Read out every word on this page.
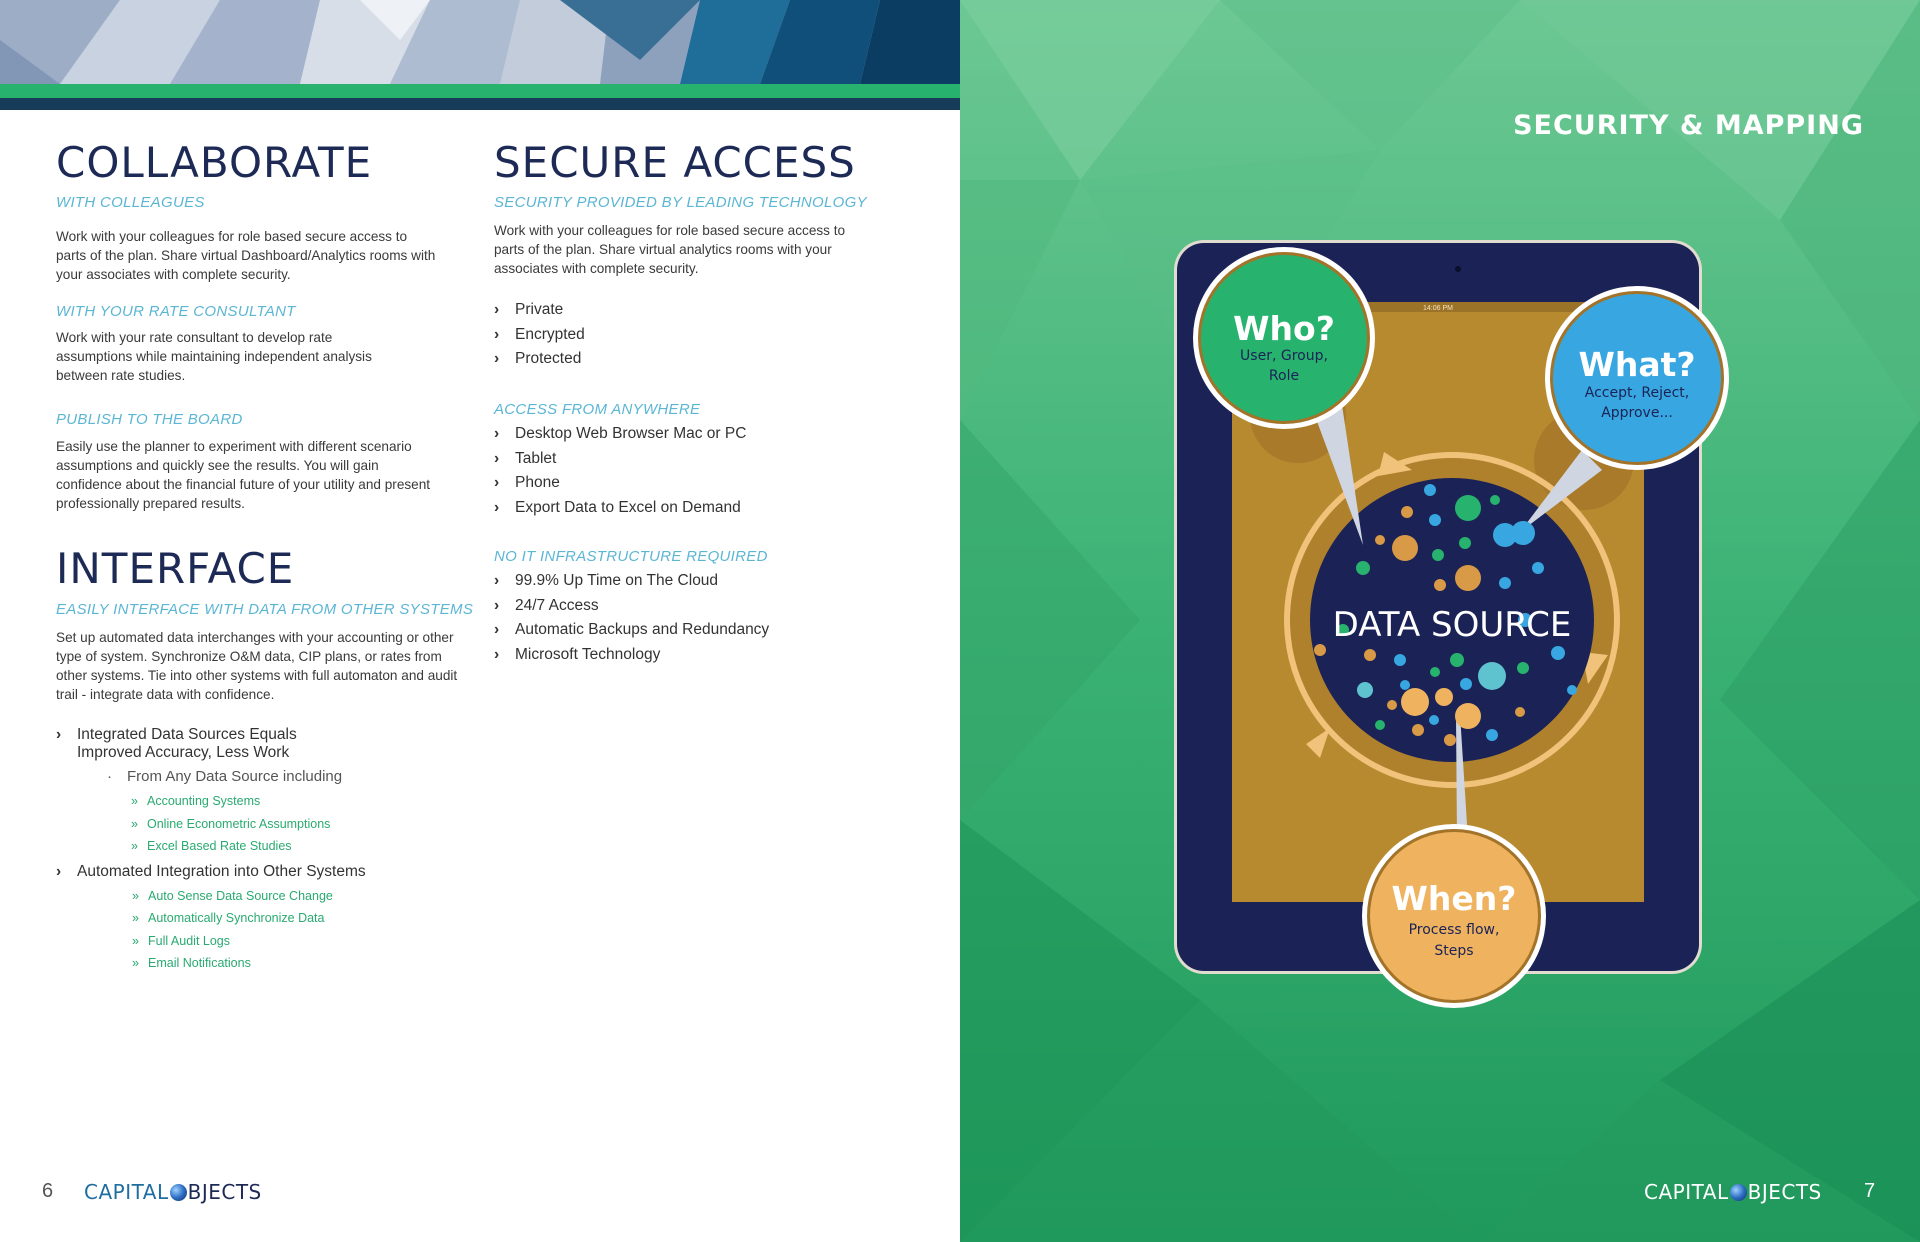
COLLABORATE

WITH COLLEAGUES

Work with your colleagues for role based secure access to parts of the plan. Share virtual Dashboard/Analytics rooms with your associates with complete security.

WITH YOUR RATE CONSULTANT

Work with your rate consultant to develop rate assumptions while maintaining independent analysis between rate studies.

PUBLISH TO THE BOARD

Easily use the planner to experiment with different scenario assumptions and quickly see the results. You will gain confidence about the financial future of your utility and present professionally prepared results.

INTERFACE

EASILY INTERFACE WITH DATA FROM OTHER SYSTEMS

Set up automated data interchanges with your accounting or other type of system. Synchronize O&M data, CIP plans, or rates from other systems. Tie into other systems with full automaton and audit trail - integrate data with confidence.

› Integrated Data Sources Equals Improved Accuracy, Less Work
· From Any Data Source including
» Accounting Systems
» Online Econometric Assumptions
» Excel Based Rate Studies
› Automated Integration into Other Systems
» Auto Sense Data Source Change
» Automatically Synchronize Data
» Full Audit Logs
» Email Notifications
SECURE ACCESS

SECURITY PROVIDED BY LEADING TECHNOLOGY

Work with your colleagues for role based secure access to parts of the plan. Share virtual analytics rooms with your associates with complete security.

› Private
› Encrypted
› Protected

ACCESS FROM ANYWHERE

› Desktop Web Browser Mac or PC
› Tablet
› Phone
› Export Data to Excel on Demand

NO IT INFRASTRUCTURE REQUIRED

› 99.9% Up Time on The Cloud
› 24/7 Access
› Automatic Backups and Redundancy
› Microsoft Technology
6 CAPITAL BJECTS
SECURITY & MAPPING
14:06 PM
DATA SOURCE
Who?
User, Group,
Role	What?
Accept, Reject,
Approve...
When?
Process flow,
Steps
CAPITAL BJECTS 7
